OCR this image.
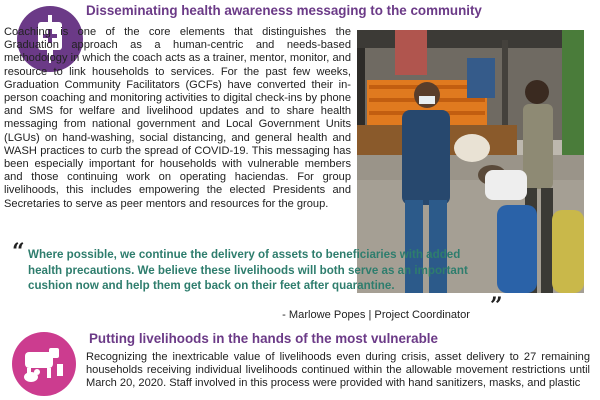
Disseminating health awareness messaging to the community

Coaching is one of the core elements that distinguishes the Graduation approach as a human-centric and needs-based methodology in which the coach acts as a trainer, mentor, monitor, and resource to link households to services. For the past few weeks, Graduation Community Facilitators (GCFs) have converted their in-person coaching and monitoring activities to digital check-ins by phone and SMS for welfare and livelihood updates and to share health messaging from national government and Local Government Units (LGUs) on hand-washing, social distancing, and general health and WASH practices to curb the spread of COVID-19. This messaging has been especially important for households with vulnerable members and those continuing work on operating haciendas. For group livelihoods, this includes empowering the elected Presidents and Secretaries to serve as peer mentors and resources for the group.

“ Where possible, we continue the delivery of assets to beneficiaries with added health precautions. We believe these livelihoods will both serve as an important cushion now and help them get back on their feet after quarantine.

”
- Marlowe Popes | Project Coordinator
Putting livelihoods in the hands of the most vulnerable

Recognizing the inextricable value of livelihoods even during crisis, asset delivery to 27 remaining households receiving individual livelihoods continued within the allowable movement restrictions until March 20, 2020. Staff involved in this process were provided with hand sanitizers, masks, and plastic
